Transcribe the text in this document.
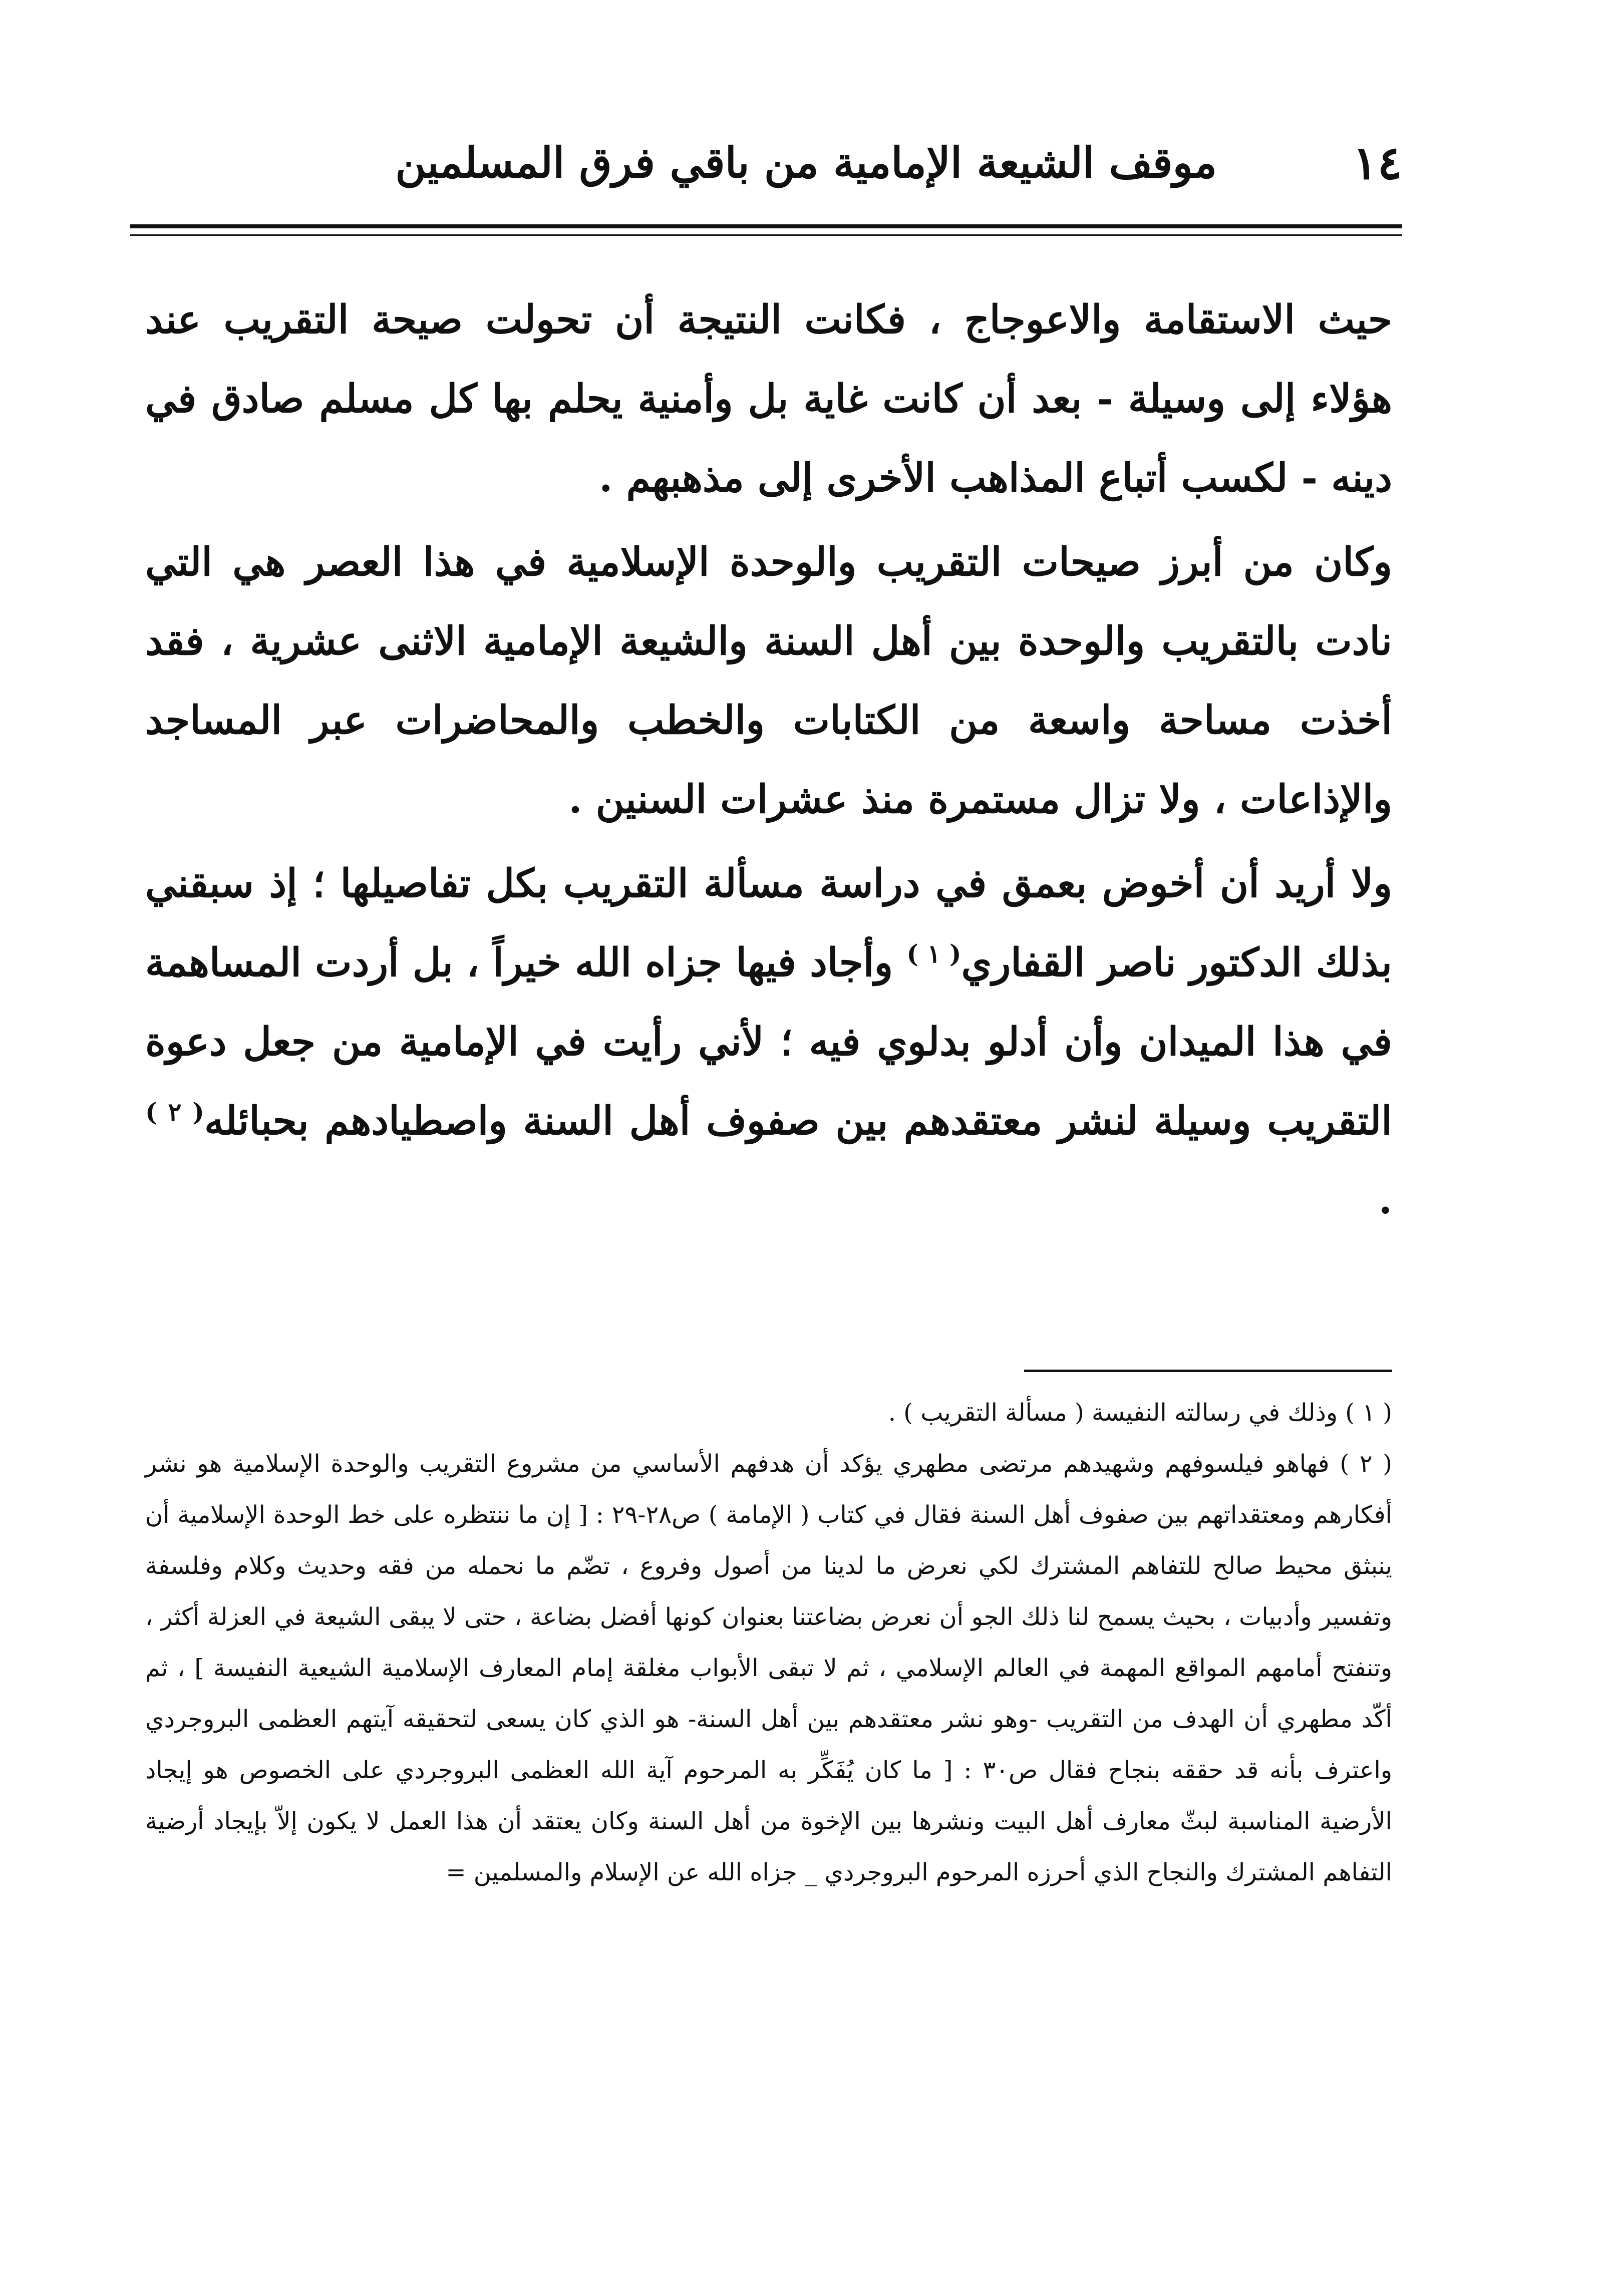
موقف الشيعة الإمامية من باقي فرق المسلمين	١٤

حيث الاستقامة والاعوجاج ، فكانت النتيجة أن تحولت صيحة التقريب عند هؤلاء إلى وسيلة - بعد أن كانت غاية بل وأمنية يحلم بها كل مسلم صادق في دينه - لكسب أتباع المذاهب الأخرى إلى مذهبهم .

وكان من أبرز صيحات التقريب والوحدة الإسلامية في هذا العصر هي التي نادت بالتقريب والوحدة بين أهل السنة والشيعة الإمامية الاثنى عشرية ، فقد أخذت مساحة واسعة من الكتابات والخطب والمحاضرات عبر المساجد والإذاعات ، ولا تزال مستمرة منذ عشرات السنين .

ولا أريد أن أخوض بعمق في دراسة مسألة التقريب بكل تفاصيلها ؛ إذ سبقني بذلك الدكتور ناصر القفاري$^{( ١ )}$ وأجاد فيها جزاه الله خيراً ، بل أردت المساهمة في هذا الميدان وأن أدلو بدلوي فيه ؛ لأني رأيت في الإمامية من جعل دعوة التقريب وسيلة لنشر معتقدهم بين صفوف أهل السنة واصطيادهم بحبائله$^{( ٢ )}$ .

( ١ ) وذلك في رسالته النفيسة ( مسألة التقريب ) .

( ٢ ) فهاهو فيلسوفهم وشهيدهم مرتضى مطهري يؤكد أن هدفهم الأساسي من مشروع التقريب والوحدة الإسلامية هو نشر أفكارهم ومعتقداتهم بين صفوف أهل السنة فقال في كتاب ( الإمامة ) ص٢٨-٢٩ : [ إن ما ننتظره على خط الوحدة الإسلامية أن ينبثق محيط صالح للتفاهم المشترك لكي نعرض ما لدينا من أصول وفروع ، تضّم ما نحمله من فقه وحديث وكلام وفلسفة وتفسير وأدبيات ، بحيث يسمح لنا ذلك الجو أن نعرض بضاعتنا بعنوان كونها أفضل بضاعة ، حتى لا يبقى الشيعة في العزلة أكثر ، وتنفتح أمامهم المواقع المهمة في العالم الإسلامي ، ثم لا تبقى الأبواب مغلقة إمام المعارف الإسلامية الشيعية النفيسة ] ، ثم أكّد مطهري أن الهدف من التقريب -وهو نشر معتقدهم بين أهل السنة- هو الذي كان يسعى لتحقيقه آيتهم العظمى البروجردي واعترف بأنه قد حققه بنجاح فقال ص٣٠ : [ ما كان يُفَكِّر به المرحوم آية الله العظمى البروجردي على الخصوص هو إيجاد الأرضية المناسبة لبثّ معارف أهل البيت ونشرها بين الإخوة من أهل السنة وكان يعتقد أن هذا العمل لا يكون إلاّ بإيجاد أرضية التفاهم المشترك والنجاح الذي أحرزه المرحوم البروجردي _ جزاه الله عن الإسلام والمسلمين =
